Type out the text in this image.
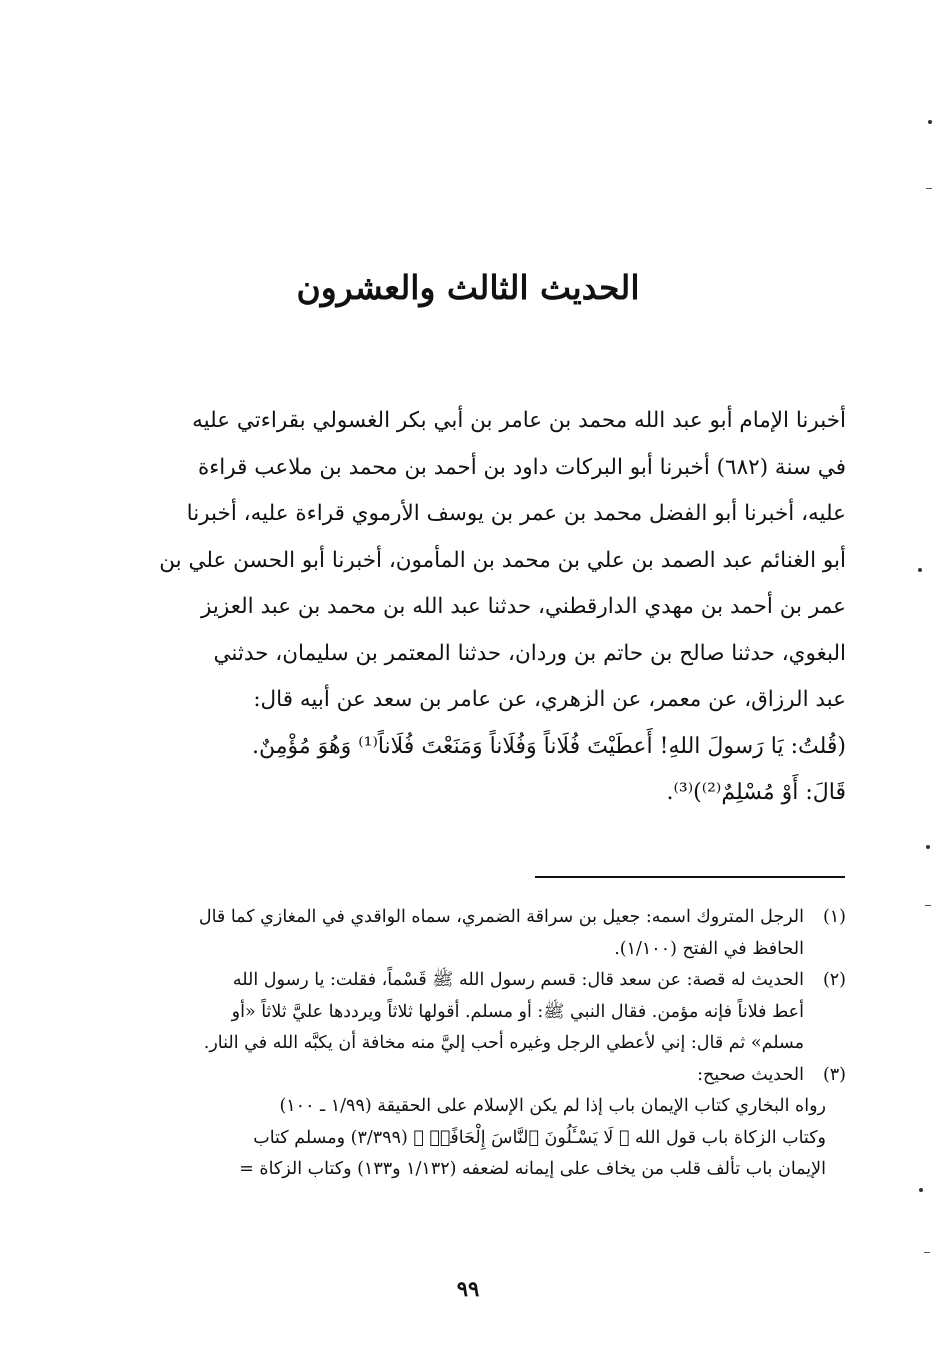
الحديث الثالث والعشرون

أخبرنا الإمام أبو عبد الله محمد بن عامر بن أبي بكر الغسولي بقراءتي عليه

في سنة (٦٨٢) أخبرنا أبو البركات داود بن أحمد بن محمد بن ملاعب قراءة

عليه، أخبرنا أبو الفضل محمد بن عمر بن يوسف الأرموي قراءة عليه، أخبرنا

أبو الغنائم عبد الصمد بن علي بن محمد بن المأمون، أخبرنا أبو الحسن علي بن

عمر بن أحمد بن مهدي الدارقطني، حدثنا عبد الله بن محمد بن عبد العزيز

البغوي، حدثنا صالح بن حاتم بن وردان، حدثنا المعتمر بن سليمان، حدثني

عبد الرزاق، عن معمر، عن الزهري، عن عامر بن سعد عن أبيه قال:

(قُلتُ: يَا رَسولَ اللهِ! أَعطَيْتَ فُلَاناً وَفُلَاناً وَمَنَعْتَ فُلَاناً⁽¹⁾ وَهُوَ مُؤْمِنٌ.

قَالَ: أَوْ مُسْلِمٌ⁽²⁾)⁽³⁾.

(١)
الرجل المتروك اسمه: جعيل بن سراقة الضمري، سماه الواقدي في المغازي كما قال
الحافظ في الفتح (١/١٠٠).
(٢)
الحديث له قصة: عن سعد قال: قسم رسول الله ﷺ قَسْماً، فقلت: يا رسول الله
أعط فلاناً فإنه مؤمن. فقال النبي ﷺ: أو مسلم. أقولها ثلاثاً ويرددها عليَّ ثلاثاً «أو
مسلم» ثم قال: إني لأعطي الرجل وغيره أحب إليَّ منه مخافة أن يكبَّه الله في النار.
(٣)
الحديث صحيح:
رواه البخاري كتاب الإيمان باب إذا لم يكن الإسلام على الحقيقة (١/٩٩ ـ ١٠٠)
وكتاب الزكاة باب قول الله ﴿ لَا يَسْـَٔلُونَ ٱلنَّاسَ إِلْحَافًاۗ ﴾ (٣/٣٩٩) ومسلم كتاب
الإيمان باب تألف قلب من يخاف على إيمانه لضعفه (١/١٣٢ و١٣٣) وكتاب الزكاة =
٩٩
